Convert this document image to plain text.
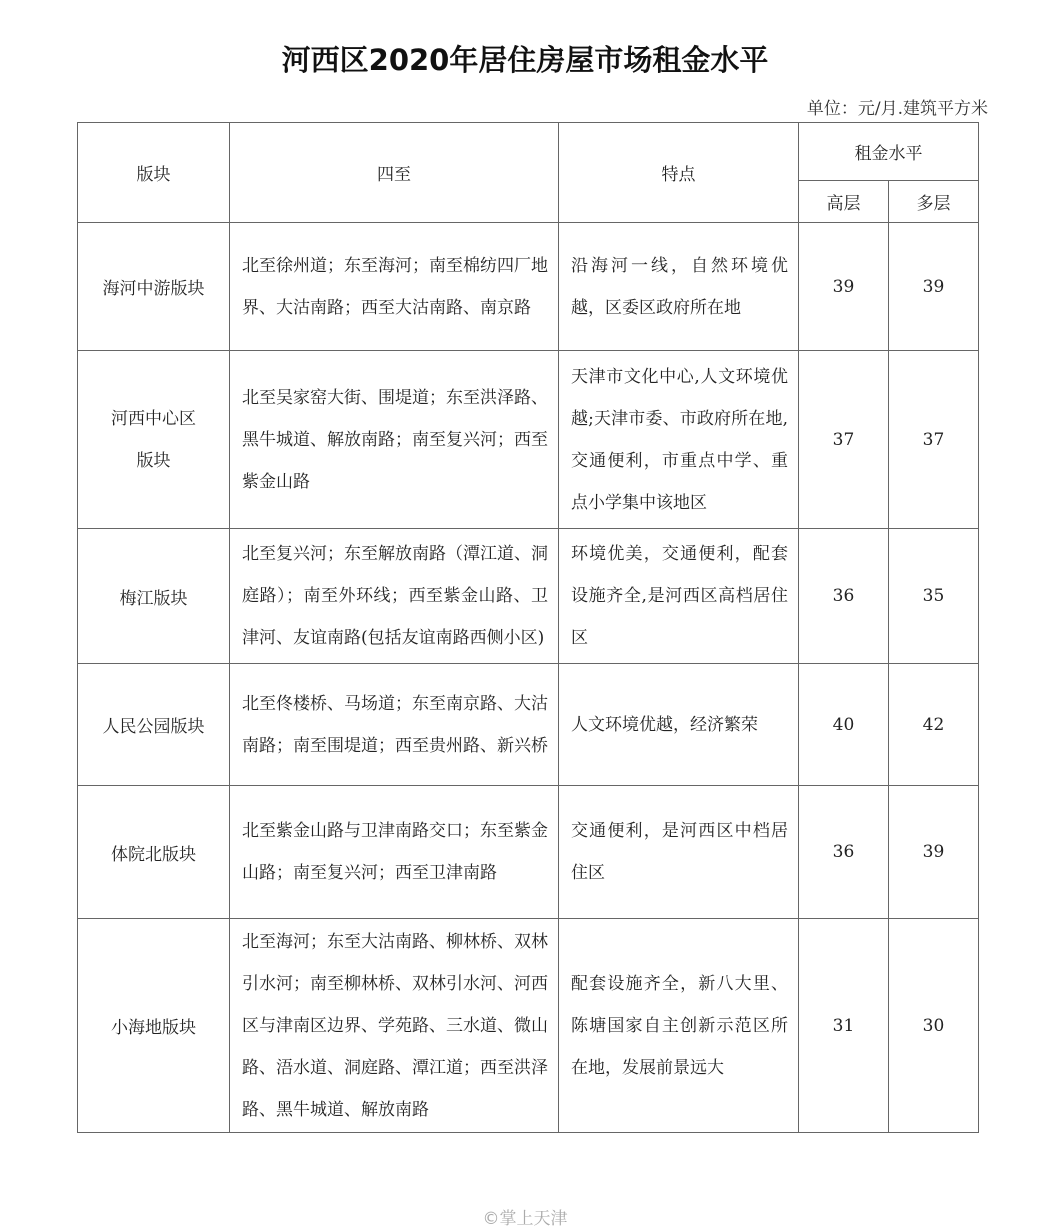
河西区2020年居住房屋市场租金水平
单位：元/月.建筑平方米
版块	四至	特点	租金水平	
			高层	多层
海河中游版块	北至徐州道；东至海河；南至棉纺四厂地界、大沽南路；西至大沽南路、南京路	沿海河一线，自然环境优越，区委区政府所在地	39	39
河西中心区版块	北至吴家窑大街、围堤道；东至洪泽路、黑牛城道、解放南路；南至复兴河；西至紫金山路	天津市文化中心,人文环境优越;天津市委、市政府所在地,交通便利，市重点中学、重点小学集中该地区	37	37
梅江版块	北至复兴河；东至解放南路（潭江道、洞庭路）；南至外环线；西至紫金山路、卫津河、友谊南路(包括友谊南路西侧小区)	环境优美，交通便利，配套设施齐全,是河西区高档居住区	36	35
人民公园版块	北至佟楼桥、马场道；东至南京路、大沽南路；南至围堤道；西至贵州路、新兴桥	人文环境优越，经济繁荣	40	42
体院北版块	北至紫金山路与卫津南路交口；东至紫金山路；南至复兴河；西至卫津南路	交通便利，是河西区中档居住区	36	39
小海地版块	北至海河；东至大沽南路、柳林桥、双林引水河；南至柳林桥、双林引水河、河西区与津南区边界、学苑路、三水道、微山路、浯水道、洞庭路、潭江道；西至洪泽路、黑牛城道、解放南路	配套设施齐全，新八大里、陈塘国家自主创新示范区所在地，发展前景远大	31	30
©掌上天津
